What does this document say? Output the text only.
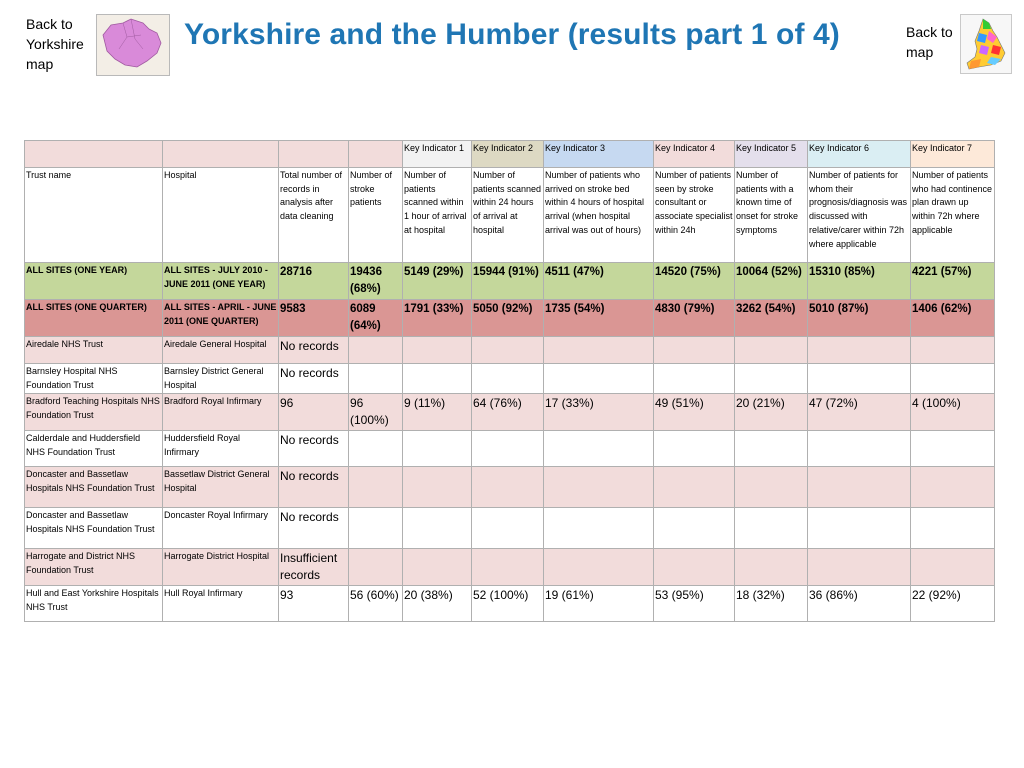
Back to Yorkshire map
Yorkshire and the Humber (results part 1 of 4)	Back to map
				Key Indicator 1	Key Indicator 2	Key Indicator 3	Key Indicator 4	Key Indicator 5	Key Indicator 6	Key Indicator 7
Trust name	Hospital	Total number of records in analysis after data cleaning	Number of stroke patients	Number of patients scanned within 1 hour of arrival at hospital	Number of patients scanned within 24 hours of arrival at hospital	Number of patients who arrived on stroke bed within 4 hours of hospital arrival (when hospital arrival was out of hours)	Number of patients seen by stroke consultant or associate specialist within 24h	Number of patients with a known time of onset for stroke symptoms	Number of patients for whom their prognosis/diagnosis was discussed with relative/carer within 72h where applicable	Number of patients who had continence plan drawn up within 72h where applicable
ALL SITES (ONE YEAR)	ALL SITES - JULY 2010 - JUNE 2011 (ONE YEAR)	28716	19436 (68%)	5149 (29%)	15944 (91%)	4511 (47%)	14520 (75%)	10064 (52%)	15310 (85%)	4221 (57%)
ALL SITES (ONE QUARTER)	ALL SITES - APRIL - JUNE 2011 (ONE QUARTER)	9583	6089 (64%)	1791 (33%)	5050 (92%)	1735 (54%)	4830 (79%)	3262 (54%)	5010 (87%)	1406 (62%)
Airedale NHS Trust	Airedale General Hospital	No records								
Barnsley Hospital NHS Foundation Trust	Barnsley District General Hospital	No records								
Bradford Teaching Hospitals NHS Foundation Trust	Bradford Royal Infirmary	96	96 (100%)	9 (11%)	64 (76%)	17 (33%)	49 (51%)	20 (21%)	47 (72%)	4 (100%)
Calderdale and Huddersfield NHS Foundation Trust	Huddersfield Royal Infirmary	No records								
Doncaster and Bassetlaw Hospitals NHS Foundation Trust	Bassetlaw District General Hospital	No records								
Doncaster and Bassetlaw Hospitals NHS Foundation Trust	Doncaster Royal Infirmary	No records								
Harrogate and District NHS Foundation Trust	Harrogate District Hospital	Insufficient records								
Hull and East Yorkshire Hospitals NHS Trust	Hull Royal Infirmary	93	56 (60%)	20 (38%)	52 (100%)	19 (61%)	53 (95%)	18 (32%)	36 (86%)	22 (92%)
